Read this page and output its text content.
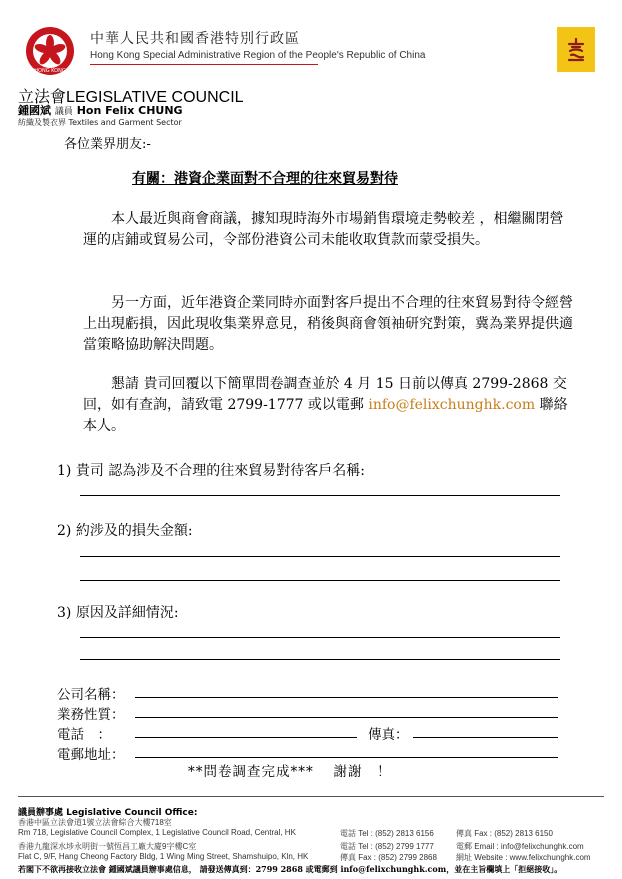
HONG KONG
中華人民共和國香港特別行政區
Hong Kong Special Administrative Region of the People's Republic of China
立法會LEGISLATIVE COUNCIL
鍾國斌 議員 Hon Felix CHUNG
紡織及製衣界 Textiles and Garment Sector
各位業界朋友:-
有關：港資企業面對不合理的往來貿易對待
本人最近與商會商議，據知現時海外市場銷售環境走勢較差 ，相繼關閉營運的店鋪或貿易公司，令部份港資公司未能收取貨款而蒙受損失。
另一方面，近年港資企業同時亦面對客戶提出不合理的往來貿易對待令經營上出現虧損，因此現收集業界意見，稍後與商會領袖研究對策，冀為業界提供適當策略協助解決問題。
懇請 貴司回覆以下簡單問卷調查並於 4 月 15 日前以傳真 2799-2868 交回，如有查詢，請致電 2799-1777 或以電郵 info@felixchunghk.com 聯絡本人。
1) 貴司 認為涉及不合理的往來貿易對待客戶名稱:
2) 約涉及的損失金額:
3) 原因及詳細情況:
公司名稱：
業務性質：
電話　：	傳真：
電郵地址：
**問卷調查完成***　 謝謝　！
議員辦事處 Legislative Council Office:
香港中區立法會道1號立法會綜合大樓718室
Rm 718, Legislative Council Complex, 1 Legislative Council Road, Central, HK	電話 Tel : (852) 2813 6156	傳真 Fax : (852) 2813 6150
香港九龍深水埗永明街一號恆昌工廠大廈9字樓C室	電話 Tel : (852) 2799 1777	電郵 Email : info@felixchunghk.com
Flat C, 9/F, Hang Cheong Factory Bldg, 1 Wing Ming Street, Shamshuipo, Kln, HK	傳真 Fax : (852) 2799 2868 網址 Website : www.felixchunghk.com
若閣下不欲再接收立法會 鍾國斌議員辦事處信息， 請發送傳真到：2799 2868 或電郵到 info@felixchunghk.com，並在主旨欄填上「拒絕接收」。
